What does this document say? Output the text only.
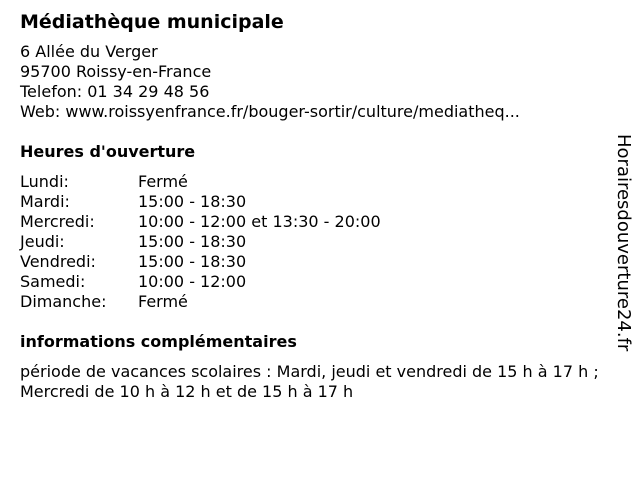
Médiathèque municipale
6 Allée du Verger
95700 Roissy-en-France
Telefon: 01 34 29 48 56
Web: www.roissyenfrance.fr/bouger-sortir/culture/mediatheq...
Heures d'ouverture
Lundi:	Fermé
Mardi:	15:00 - 18:30
Mercredi:	10:00 - 12:00 et 13:30 - 20:00
Jeudi:	15:00 - 18:30
Vendredi:	15:00 - 18:30
Samedi:	10:00 - 12:00
Dimanche:	Fermé
informations complémentaires
période de vacances scolaires : Mardi, jeudi et vendredi de 15 h à 17 h ; Mercredi de 10 h à 12 h et de 15 h à 17 h
Horairesdouverture24.fr
